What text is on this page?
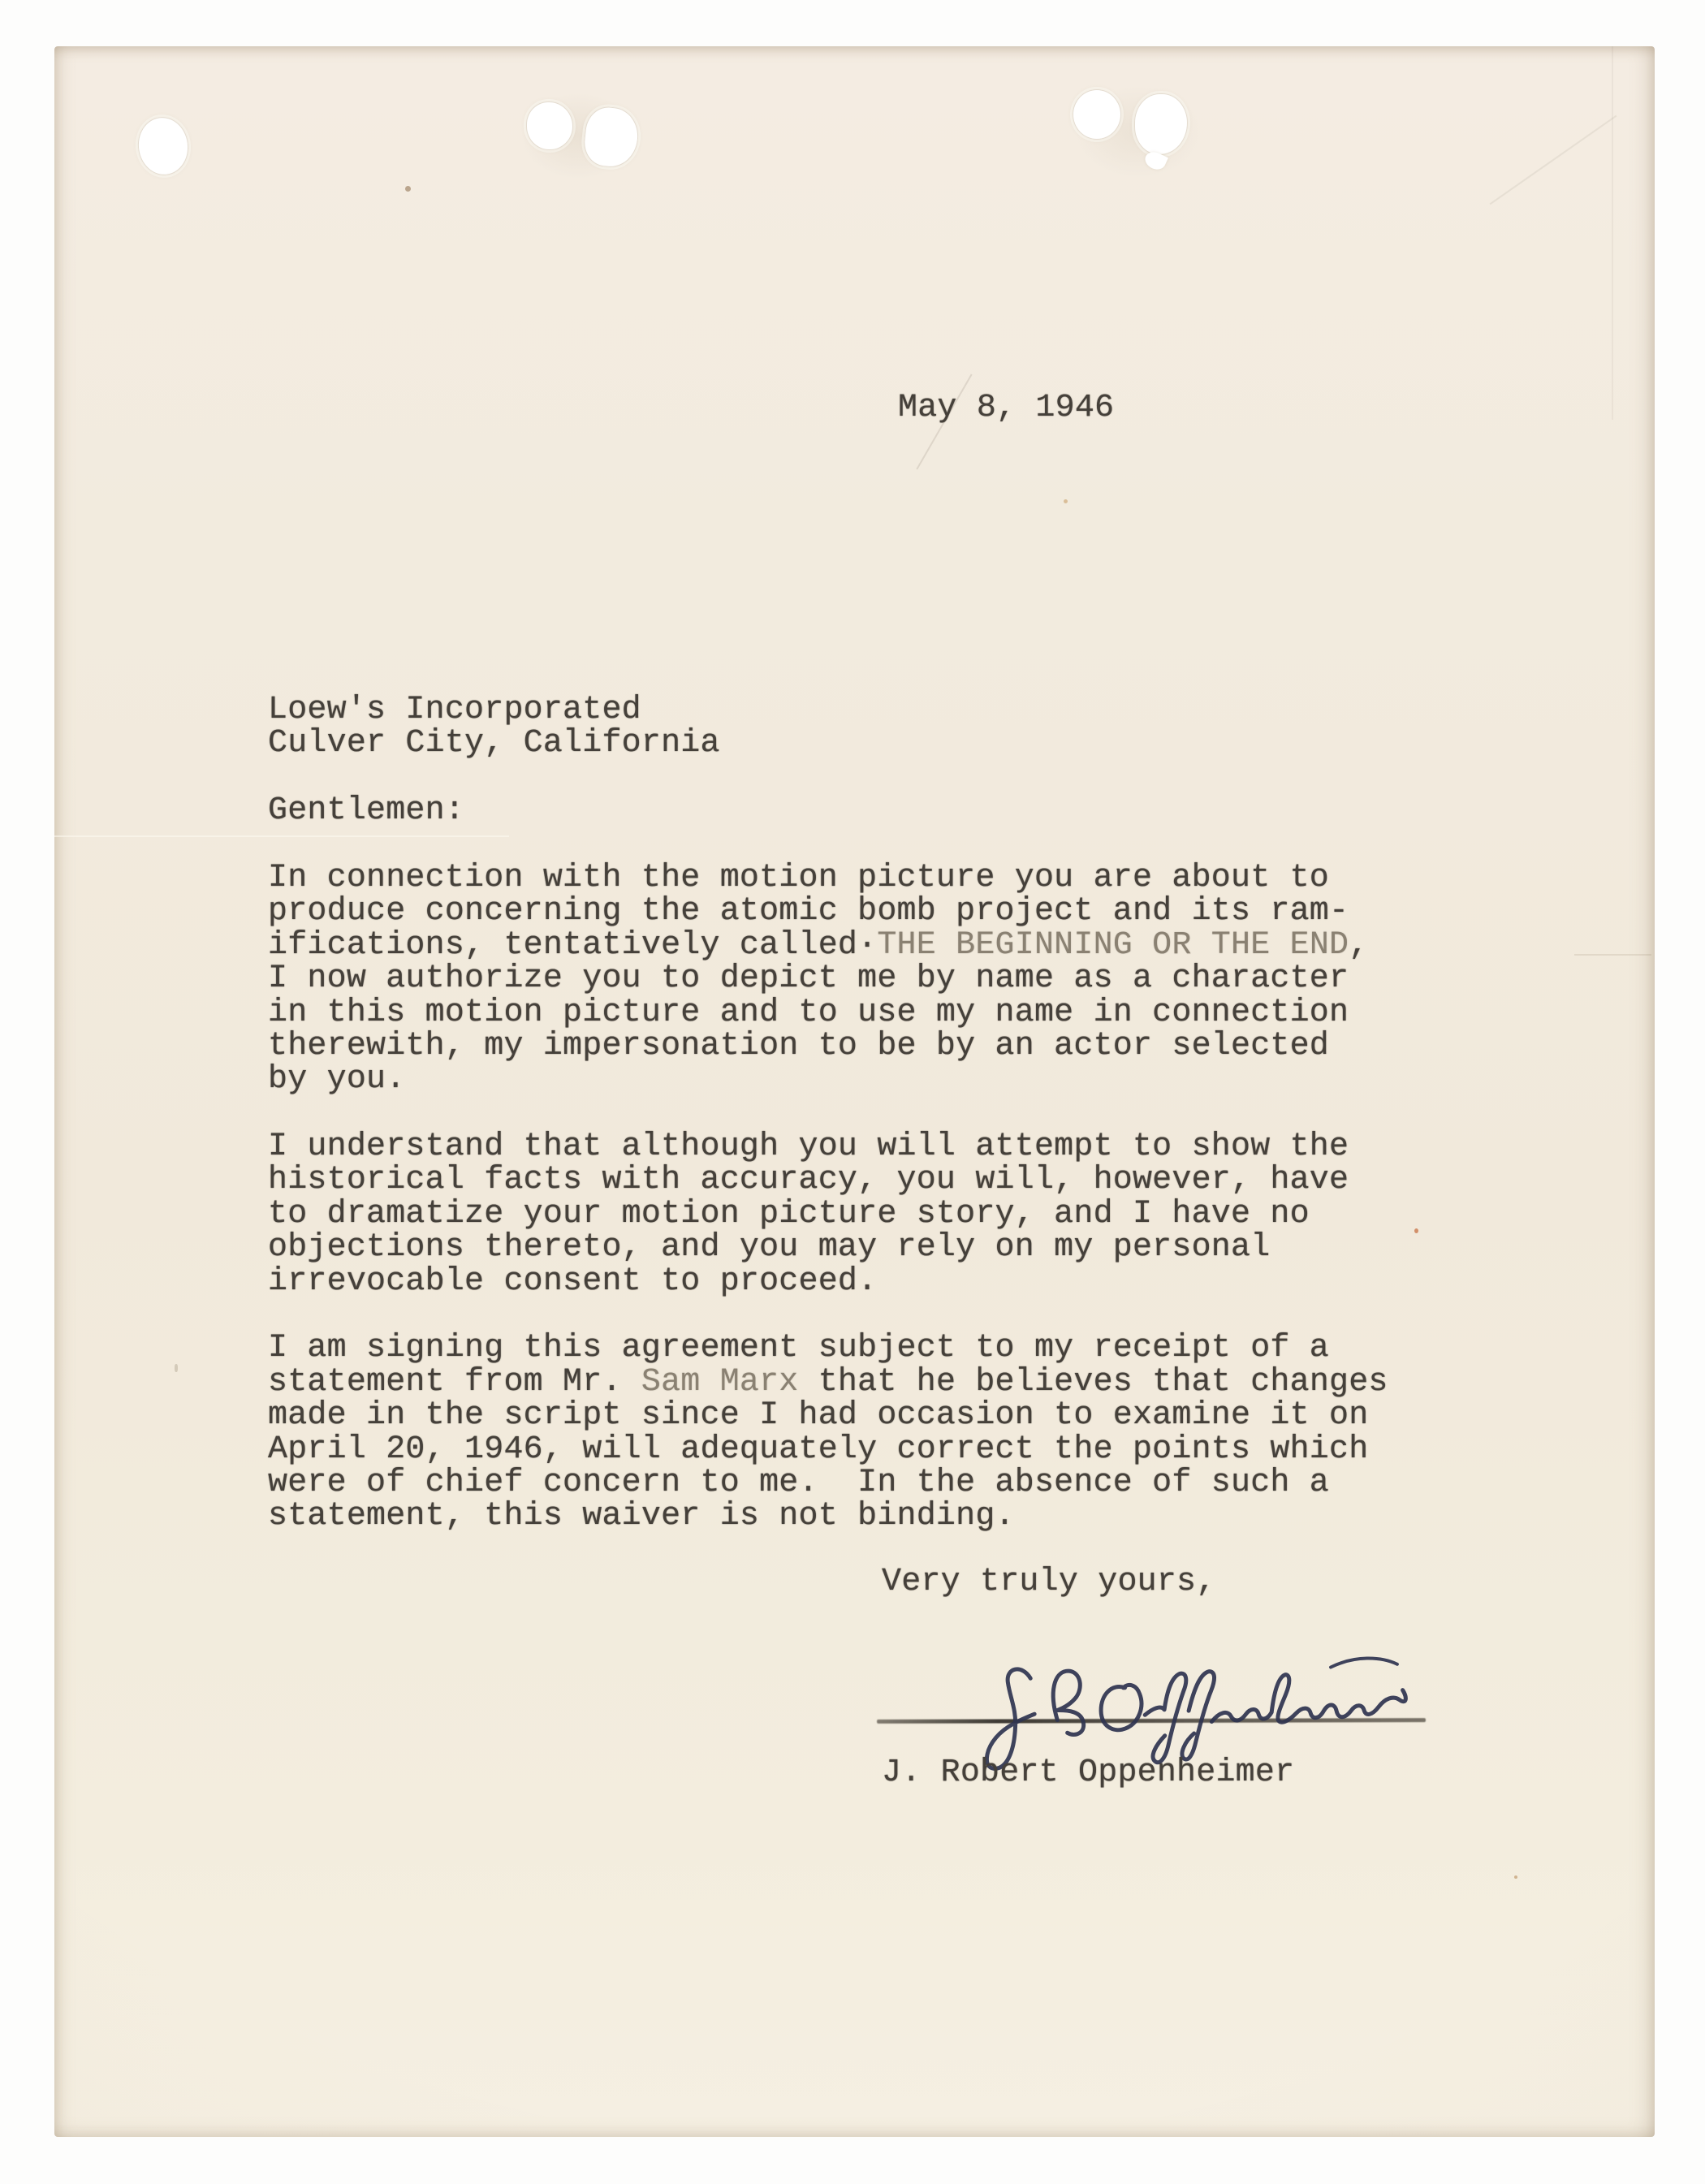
May 8, 1946
Loew's Incorporated
Culver City, California
Gentlemen:
In connection with the motion picture you are about to
produce concerning the atomic bomb project and its ram-
ifications, tentatively called·THE BEGINNING OR THE END,
I now authorize you to depict me by name as a character
in this motion picture and to use my name in connection
therewith, my impersonation to be by an actor selected
by you.
I understand that although you will attempt to show the
historical facts with accuracy, you will, however, have
to dramatize your motion picture story, and I have no
objections thereto, and you may rely on my personal
irrevocable consent to proceed.
I am signing this agreement subject to my receipt of a
statement from Mr. Sam Marx that he believes that changes
made in the script since I had occasion to examine it on
April 20, 1946, will adequately correct the points which
were of chief concern to me.  In the absence of such a
statement, this waiver is not binding.
Very truly yours,
J. Robert Oppenheimer
